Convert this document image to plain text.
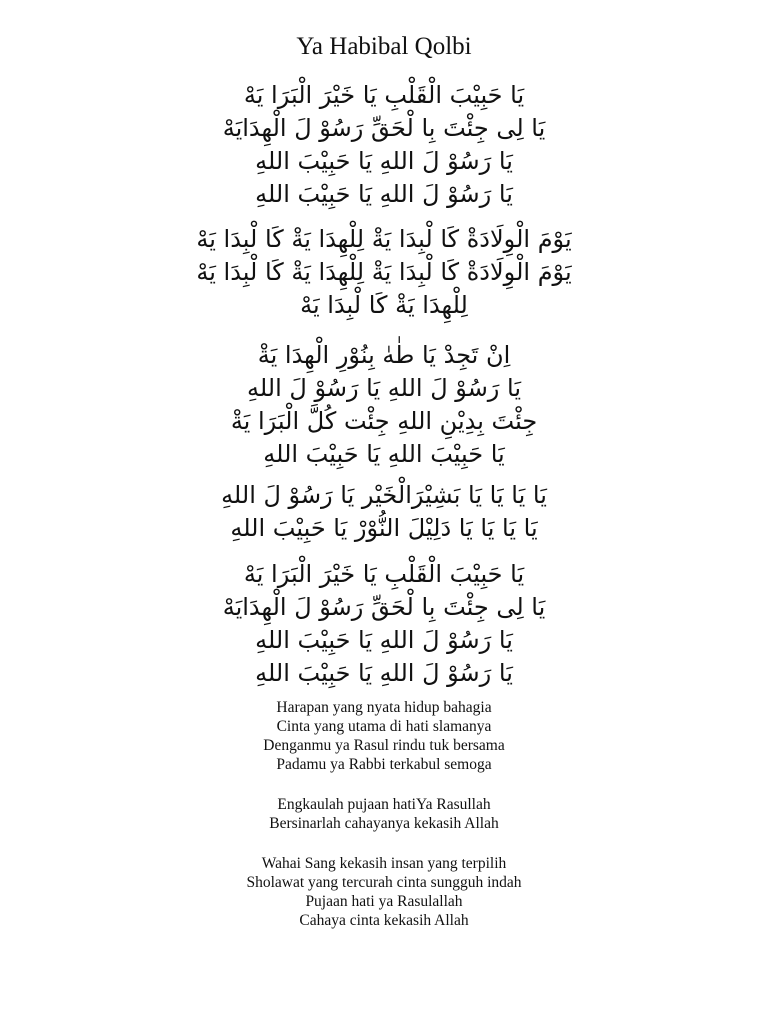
Ya Habibal Qolbi
يَا حَبِيْبَ الْقَلْبِ يَا خَيْرَ الْبَرَا يَهْ
يَا لِى جِئْتَ بِا لْحَقِّ رَسُوْ لَ الْهِدَايَهْ
يَا رَسُوْ لَ اللهِ يَا حَبِيْبَ اللهِ
يَا رَسُوْ لَ اللهِ يَا حَبِيْبَ اللهِ
يَوْمَ الْوِلَادَةْ كَا لْبِدَا يَةْ لِلْهِدَا يَةْ كَا لْبِدَا يَهْ
يَوْمَ الْوِلَادَةْ كَا لْبِدَا يَةْ لِلْهِدَا يَةْ كَا لْبِدَا يَهْ
لِلْهِدَا يَةْ كَا لْبِدَا يَهْ
اِنْ تَجِدْ يَا طٰهٰ بِنُوْرِ الْهِدَا يَةْ
يَا رَسُوْ لَ اللهِ يَا رَسُوْ لَ اللهِ
جِئْتَ بِدِيْنِ اللهِ جِئْت كُلَّ الْبَرَا يَةْ
يَا حَبِيْبَ اللهِ يَا حَبِيْبَ اللهِ
يَا يَا يَا يَا بَشِيْرَالْخَيْر يَا رَسُوْ لَ اللهِ
يَا يَا يَا يَا دَلِيْلَ النُّوْرْ يَا حَبِيْبَ اللهِ
يَا حَبِيْبَ الْقَلْبِ يَا خَيْرَ الْبَرَا يَهْ
يَا لِى جِئْتَ بِا لْحَقِّ رَسُوْ لَ الْهِدَايَهْ
يَا رَسُوْ لَ اللهِ يَا حَبِيْبَ اللهِ
يَا رَسُوْ لَ اللهِ يَا حَبِيْبَ اللهِ
Harapan yang nyata hidup bahagia
Cinta yang utama di hati slamanya
Denganmu ya Rasul rindu tuk bersama
Padamu ya Rabbi terkabul semoga
Engkaulah pujaan hatiYa Rasullah
Bersinarlah cahayanya kekasih Allah
Wahai Sang kekasih insan yang terpilih
Sholawat yang tercurah cinta sungguh indah
Pujaan hati ya Rasulallah
Cahaya cinta kekasih Allah
